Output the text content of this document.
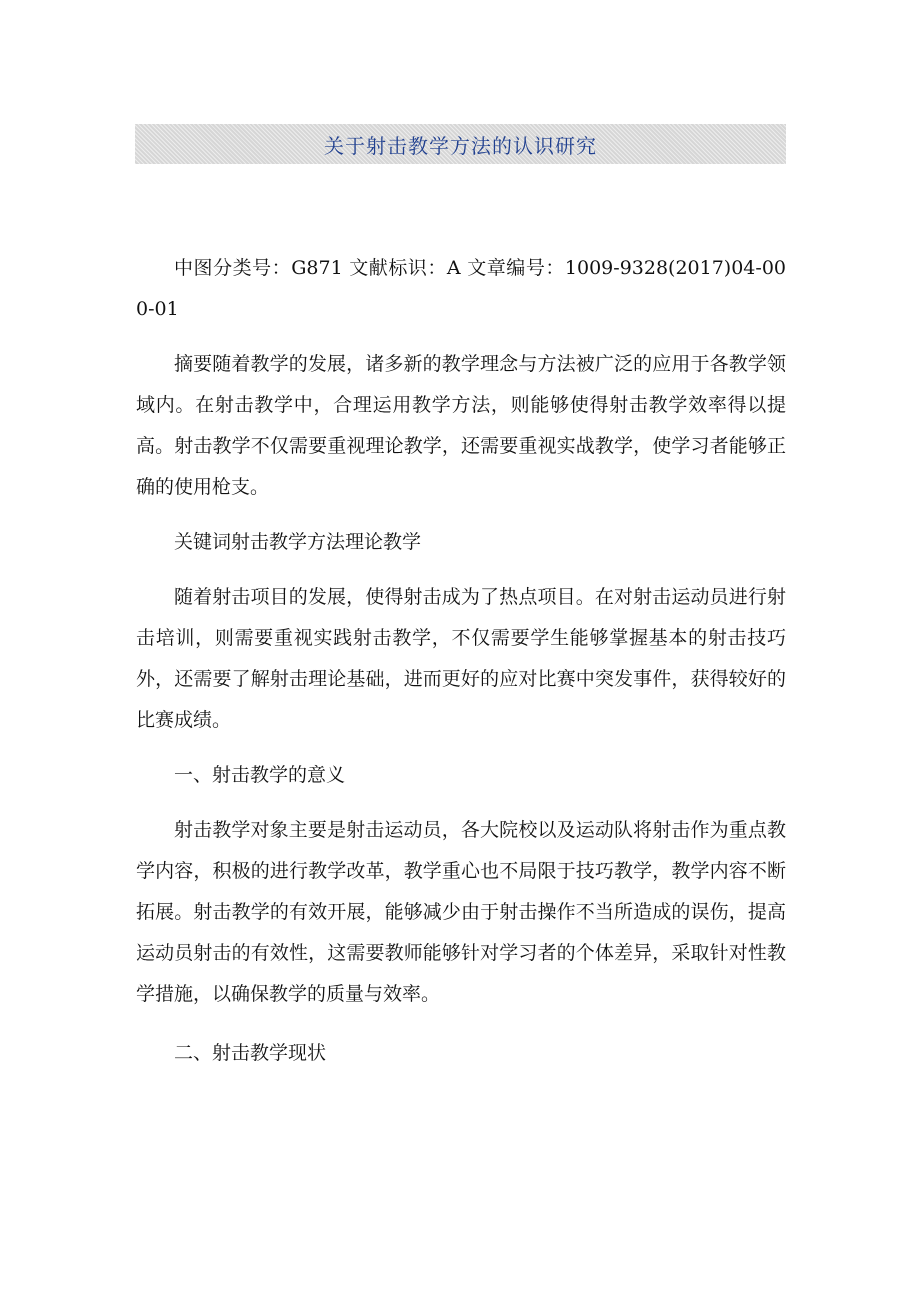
关于射击教学方法的认识研究

中图分类号：G871 文献标识：A 文章编号：1009-9328(2017)04-000-01

摘要随着教学的发展，诸多新的教学理念与方法被广泛的应用于各教学领域内。在射击教学中，合理运用教学方法，则能够使得射击教学效率得以提高。射击教学不仅需要重视理论教学，还需要重视实战教学，使学习者能够正确的使用枪支。

关键词射击教学方法理论教学

随着射击项目的发展，使得射击成为了热点项目。在对射击运动员进行射击培训，则需要重视实践射击教学，不仅需要学生能够掌握基本的射击技巧外，还需要了解射击理论基础，进而更好的应对比赛中突发事件，获得较好的比赛成绩。

一、射击教学的意义

射击教学对象主要是射击运动员，各大院校以及运动队将射击作为重点教学内容，积极的进行教学改革，教学重心也不局限于技巧教学，教学内容不断拓展。射击教学的有效开展，能够减少由于射击操作不当所造成的误伤，提高运动员射击的有效性，这需要教师能够针对学习者的个体差异，采取针对性教学措施，以确保教学的质量与效率。

二、射击教学现状
